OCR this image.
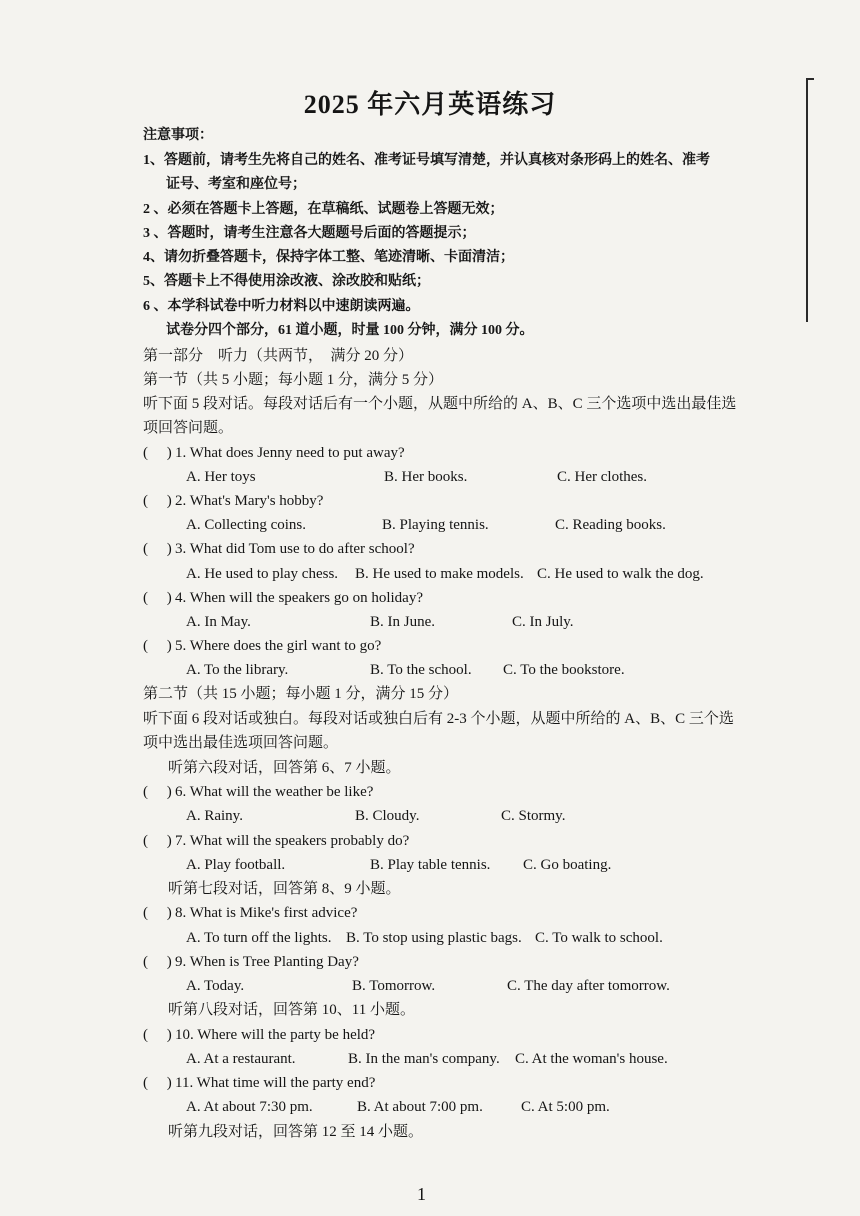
2025 年六月英语练习
注意事项：
1、答题前，请考生先将自己的姓名、准考证号填写清楚，并认真核对条形码上的姓名、准考
证号、考室和座位号；
2 、必须在答题卡上答题，在草稿纸、试题卷上答题无效；
3 、答题时，请考生注意各大题题号后面的答题提示；
4、请勿折叠答题卡，保持字体工整、笔迹清晰、卡面清洁；
5、答题卡上不得使用涂改液、涂改胶和贴纸；
6 、本学科试卷中听力材料以中速朗读两遍。
试卷分四个部分，61 道小题，时量 100 分钟，满分 100 分。
第一部分　听力（共两节，　满分 20 分）
第一节（共 5 小题；每小题 1 分，满分 5 分）
听下面 5 段对话。每段对话后有一个小题，从题中所给的 A、B、C 三个选项中选出最佳选
项回答问题。
(　 ) 1. What does Jenny need to put away?
A. Her toys	B. Her books.	C. Her clothes.
(　 ) 2. What's Mary's hobby?
A. Collecting coins.	B. Playing tennis.	C. Reading books.
(　 ) 3. What did Tom use to do after school?
A. He used to play chess. B. He used to make models. C. He used to walk the dog.
(　 ) 4. When will the speakers go on holiday?
A. In May.	B. In June.	C. In July.
(　 ) 5. Where does the girl want to go?
A. To the library.	B. To the school. C. To the bookstore.
第二节（共 15 小题；每小题 1 分，满分 15 分）
听下面 6 段对话或独白。每段对话或独白后有 2-3 个小题，从题中所给的 A、B、C 三个选
项中选出最佳选项回答问题。
听第六段对话，回答第 6、7 小题。
(　 ) 6. What will the weather be like?
A. Rainy.	B. Cloudy.	C. Stormy.
(　 ) 7. What will the speakers probably do?
A. Play football.	B. Play table tennis. C. Go boating.
听第七段对话，回答第 8、9 小题。
(　 ) 8. What is Mike's first advice?
A. To turn off the lights. B. To stop using plastic bags. C. To walk to school.
(　 ) 9. When is Tree Planting Day?
A. Today.	B. Tomorrow.	C. The day after tomorrow.
听第八段对话，回答第 10、11 小题。
(　 ) 10. Where will the party be held?
A. At a restaurant.	B. In the man's company. C. At the woman's house.
(　 ) 11. What time will the party end?
A. At about 7:30 pm.	B. At about 7:00 pm.	C. At 5:00 pm.
听第九段对话，回答第 12 至 14 小题。
1
